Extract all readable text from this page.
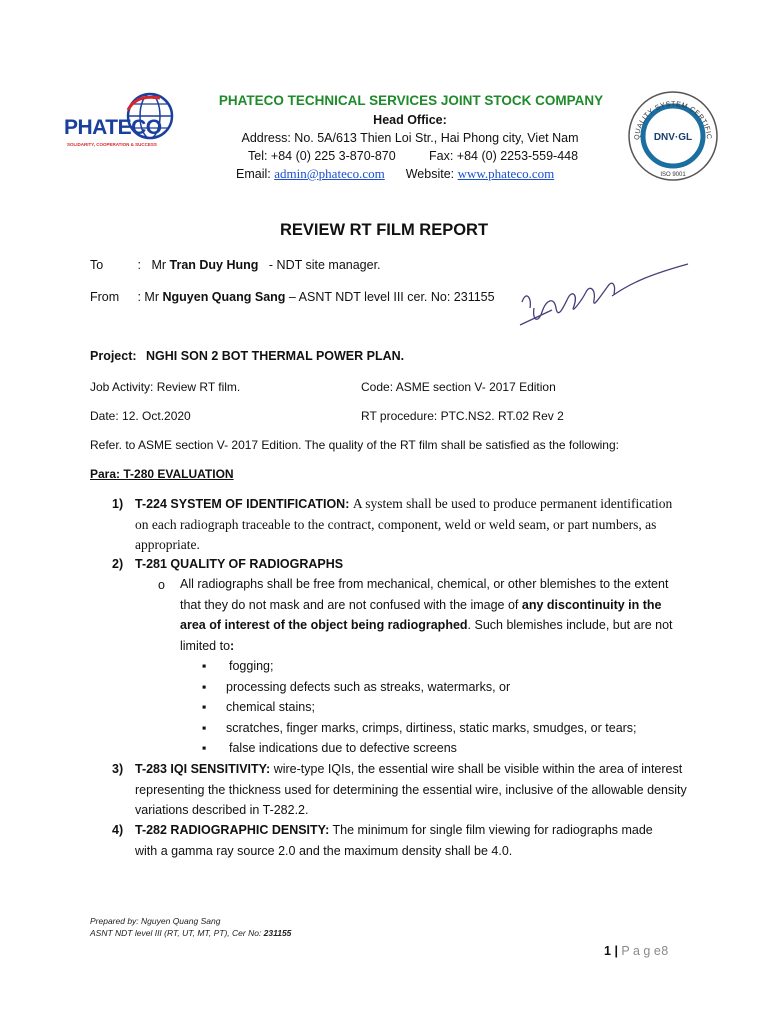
PHATECO
SOLIDARITY, COOPERATION & SUCCESS
PHATECO TECHNICAL SERVICES JOINT STOCK COMPANY
Head Office:
Address: No. 5A/613 Thien Loi Str., Hai Phong city, Viet Nam
Tel: +84 (0) 225 3-870-870	Fax: +84 (0) 2253-559-448
Email: admin@phateco.com Website: www.phateco.com
QUALITY SYSTEM CERTIFIC
DNV·GL
ISO 9001
REVIEW RT FILM REPORT
To	: Mr Tran Duy Hung - NDT site manager.
From : Mr Nguyen Quang Sang – ASNT NDT level III cer. No: 231155
Project: NGHI SON 2 BOT THERMAL POWER PLAN.
Job Activity: Review RT film.	Code: ASME section V- 2017 Edition
Date: 12. Oct.2020	RT procedure: PTC.NS2. RT.02 Rev 2
Refer. to ASME section V- 2017 Edition. The quality of the RT film shall be satisfied as the following:
Para: T-280 EVALUATION
1) T-224 SYSTEM OF IDENTIFICATION: A system shall be used to produce permanent identification on each radiograph traceable to the contract, component, weld or weld seam, or part numbers, as appropriate.
2) T-281 QUALITY OF RADIOGRAPHS
o All radiographs shall be free from mechanical, chemical, or other blemishes to the extent that they do not mask and are not confused with the image of any discontinuity in the area of interest of the object being radiographed. Such blemishes include, but are not limited to:
▪ fogging;
▪ processing defects such as streaks, watermarks, or
▪ chemical stains;
▪ scratches, finger marks, crimps, dirtiness, static marks, smudges, or tears;
▪ false indications due to defective screens
3) T-283 IQI SENSITIVITY: wire-type IQIs, the essential wire shall be visible within the area of interest representing the thickness used for determining the essential wire, inclusive of the allowable density variations described in T-282.2.
4) T-282 RADIOGRAPHIC DENSITY: The minimum for single film viewing for radiographs made with a gamma ray source 2.0 and the maximum density shall be 4.0.
Prepared by: Nguyen Quang Sang
ASNT NDT level III (RT, UT, MT, PT), Cer No: 231155
1 | P a g e 8
